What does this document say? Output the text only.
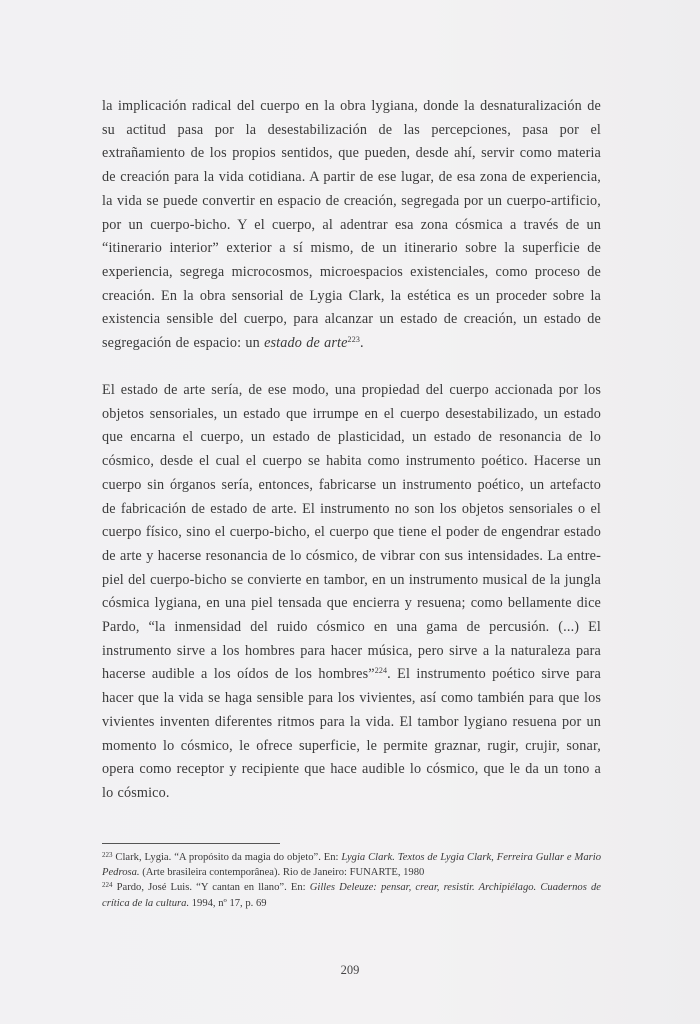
la implicación radical del cuerpo en la obra lygiana, donde la desnaturalización de su actitud pasa por la desestabilización de las percepciones, pasa por el extrañamiento de los propios sentidos, que pueden, desde ahí, servir como materia de creación para la vida cotidiana. A partir de ese lugar, de esa zona de experiencia, la vida se puede convertir en espacio de creación, segregada por un cuerpo-artificio, por un cuerpo-bicho. Y el cuerpo, al adentrar esa zona cósmica a través de un “itinerario interior” exterior a sí mismo, de un itinerario sobre la superficie de experiencia, segrega microcosmos, microespacios existenciales, como proceso de creación. En la obra sensorial de Lygia Clark, la estética es un proceder sobre la existencia sensible del cuerpo, para alcanzar un estado de creación, un estado de segregación de espacio: un estado de arte$^{223}$.

El estado de arte sería, de ese modo, una propiedad del cuerpo accionada por los objetos sensoriales, un estado que irrumpe en el cuerpo desestabilizado, un estado que encarna el cuerpo, un estado de plasticidad, un estado de resonancia de lo cósmico, desde el cual el cuerpo se habita como instrumento poético. Hacerse un cuerpo sin órganos sería, entonces, fabricarse un instrumento poético, un artefacto de fabricación de estado de arte. El instrumento no son los objetos sensoriales o el cuerpo físico, sino el cuerpo-bicho, el cuerpo que tiene el poder de engendrar estado de arte y hacerse resonancia de lo cósmico, de vibrar con sus intensidades. La entre-piel del cuerpo-bicho se convierte en tambor, en un instrumento musical de la jungla cósmica lygiana, en una piel tensada que encierra y resuena; como bellamente dice Pardo, “la inmensidad del ruido cósmico en una gama de percusión. (...) El instrumento sirve a los hombres para hacer música, pero sirve a la naturaleza para hacerse audible a los oídos de los hombres”$^{224}$. El instrumento poético sirve para hacer que la vida se haga sensible para los vivientes, así como también para que los vivientes inventen diferentes ritmos para la vida. El tambor lygiano resuena por un momento lo cósmico, le ofrece superficie, le permite graznar, rugir, crujir, sonar, opera como receptor y recipiente que hace audible lo cósmico, que le da un tono a lo cósmico.

$^{223}$ Clark, Lygia. “A propósito da magia do objeto”. En: Lygia Clark. Textos de Lygia Clark, Ferreira Gullar e Mario Pedrosa. (Arte brasileira contemporânea). Rio de Janeiro: FUNARTE, 1980

$^{224}$ Pardo, José Luis. “Y cantan en llano”. En: Gilles Deleuze: pensar, crear, resistir. Archipiélago. Cuadernos de crítica de la cultura. 1994, nº 17, p. 69

209
